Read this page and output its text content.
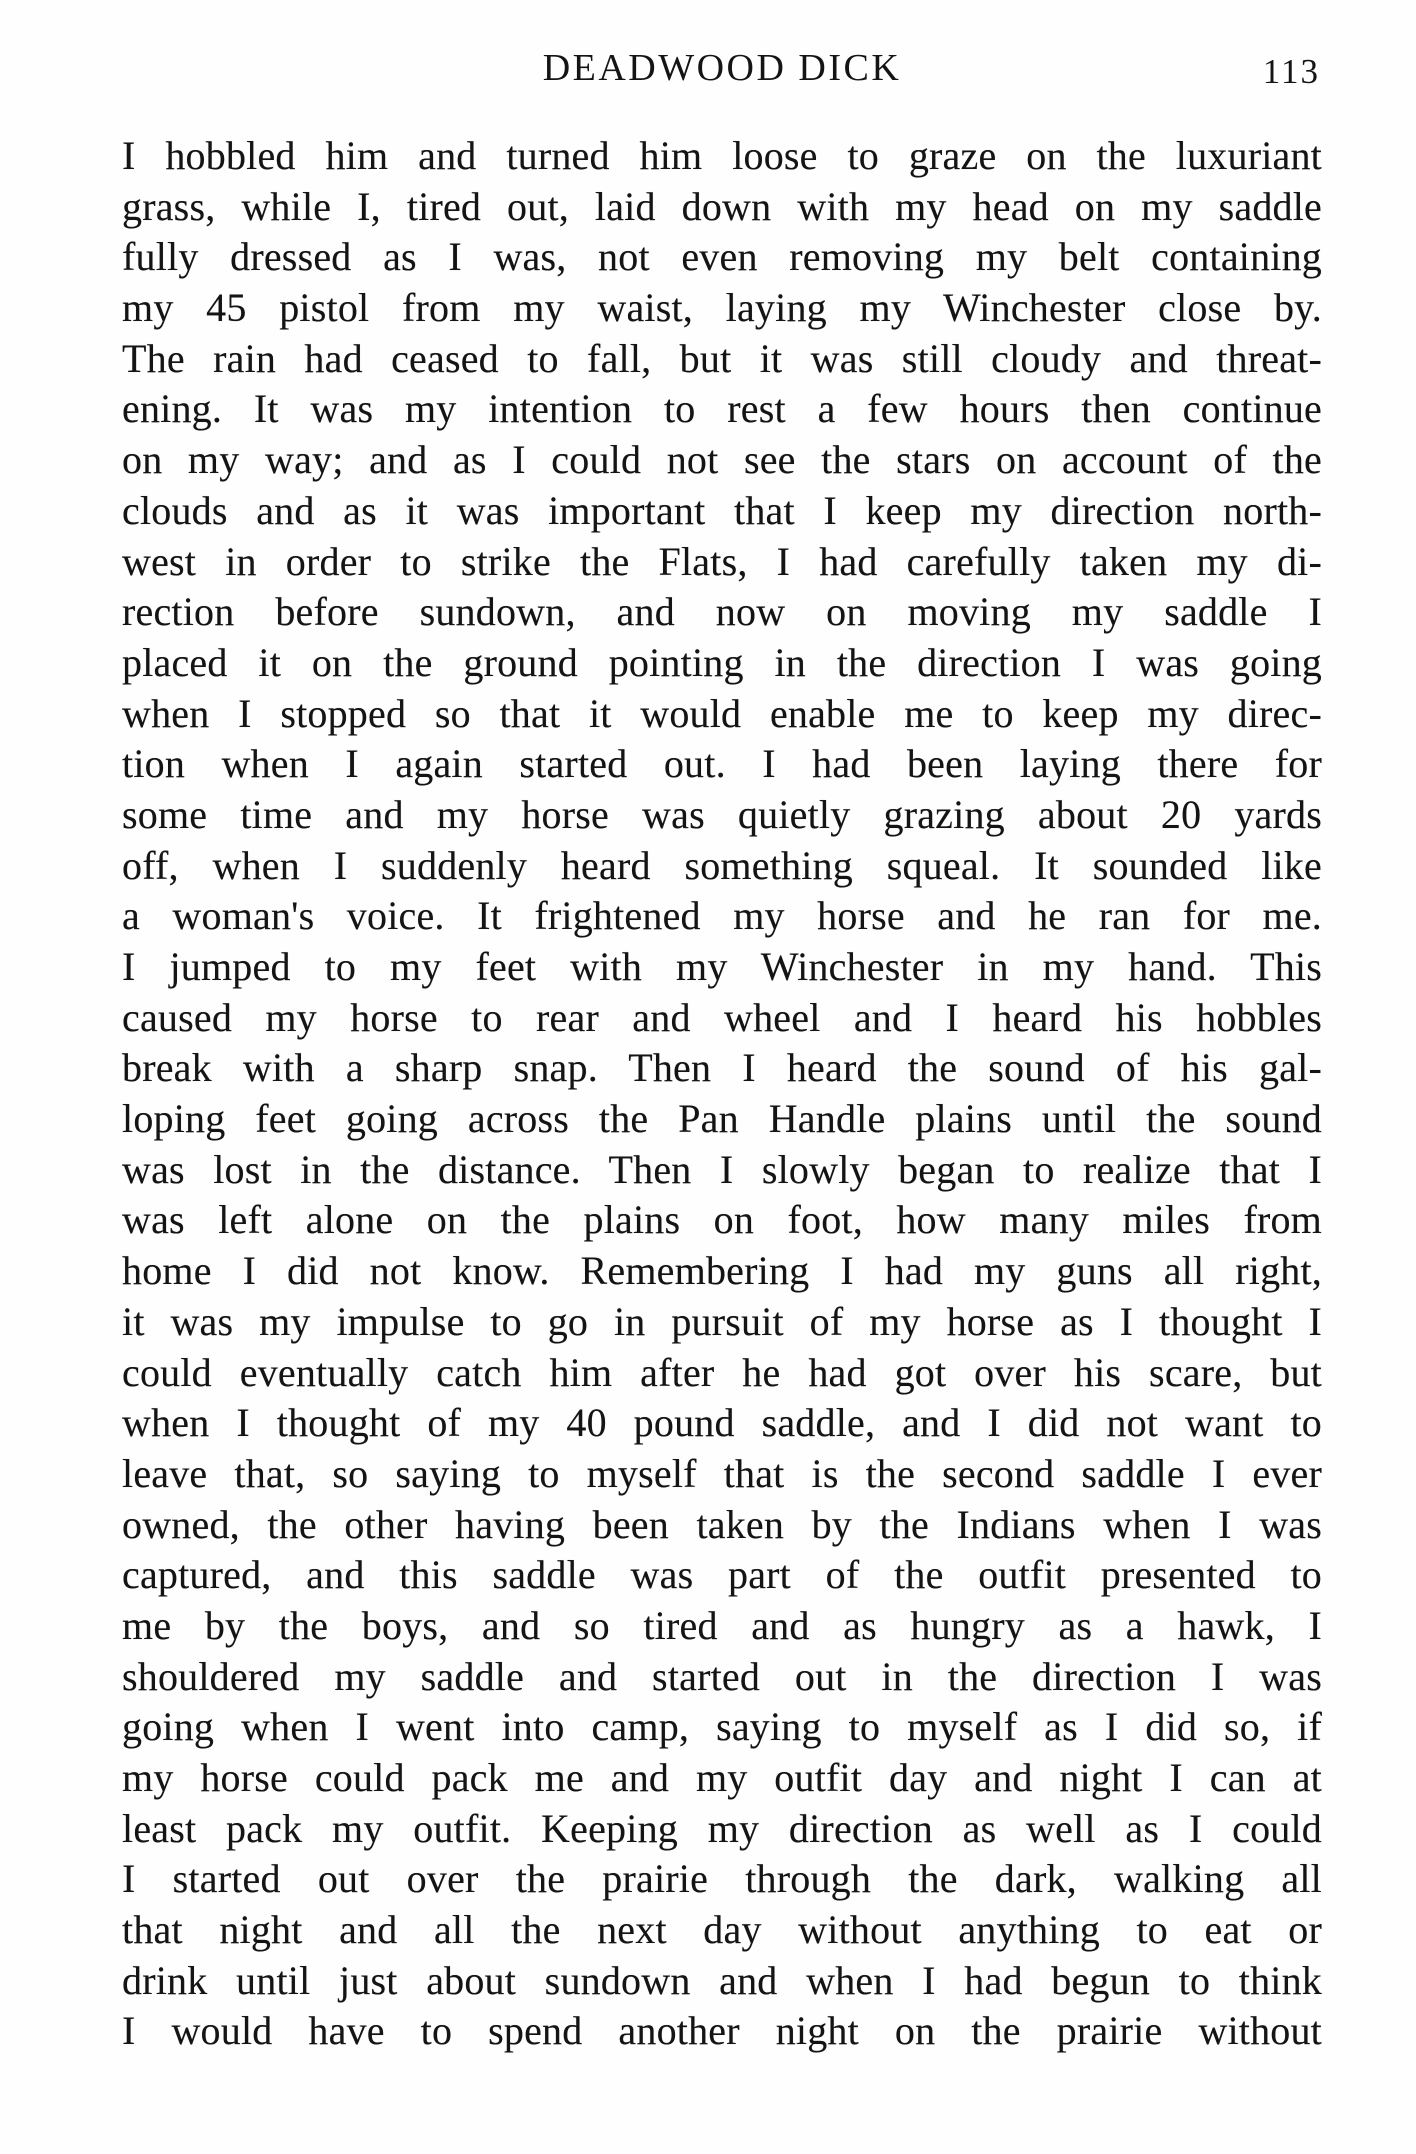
DEADWOOD DICK	113
I hobbled him and turned him loose to graze on the luxuriant
grass, while I, tired out, laid down with my head on my saddle
fully dressed as I was, not even removing my belt containing
my 45 pistol from my waist, laying my Winchester close by.
The rain had ceased to fall, but it was still cloudy and threat-
ening. It was my intention to rest a few hours then continue
on my way; and as I could not see the stars on account of the
clouds and as it was important that I keep my direction north-
west in order to strike the Flats, I had carefully taken my di-
rection before sundown, and now on moving my saddle I
placed it on the ground pointing in the direction I was going
when I stopped so that it would enable me to keep my direc-
tion when I again started out. I had been laying there for
some time and my horse was quietly grazing about 20 yards
off, when I suddenly heard something squeal. It sounded like
a woman's voice. It frightened my horse and he ran for me.
I jumped to my feet with my Winchester in my hand. This
caused my horse to rear and wheel and I heard his hobbles
break with a sharp snap. Then I heard the sound of his gal-
loping feet going across the Pan Handle plains until the sound
was lost in the distance. Then I slowly began to realize that I
was left alone on the plains on foot, how many miles from
home I did not know. Remembering I had my guns all right,
it was my impulse to go in pursuit of my horse as I thought I
could eventually catch him after he had got over his scare, but
when I thought of my 40 pound saddle, and I did not want to
leave that, so saying to myself that is the second saddle I ever
owned, the other having been taken by the Indians when I was
captured, and this saddle was part of the outfit presented to
me by the boys, and so tired and as hungry as a hawk, I
shouldered my saddle and started out in the direction I was
going when I went into camp, saying to myself as I did so, if
my horse could pack me and my outfit day and night I can at
least pack my outfit. Keeping my direction as well as I could
I started out over the prairie through the dark, walking all
that night and all the next day without anything to eat or
drink until just about sundown and when I had begun to think
I would have to spend another night on the prairie without
